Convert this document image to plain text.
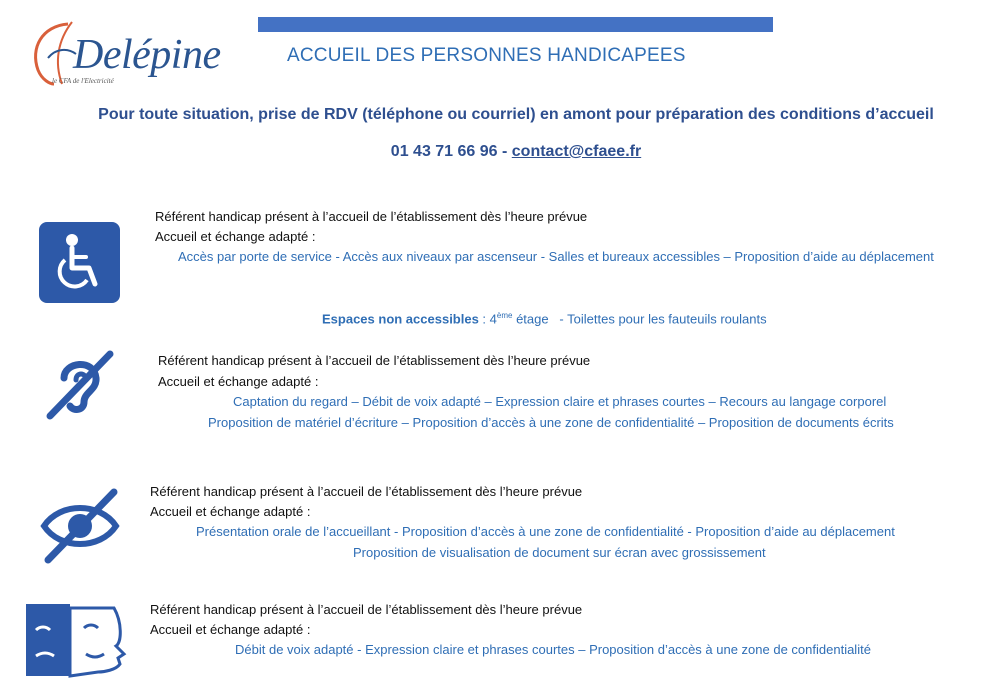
Delépine
le CFA de l'Electricité
ACCUEIL DES PERSONNES HANDICAPEES
Pour toute situation, prise de RDV (téléphone ou courriel) en amont pour préparation des conditions d’accueil
01 43 71 66 96 - contact@cfaee.fr
Référent handicap présent à l’accueil de l’établissement dès l’heure prévue
Accueil et échange adapté :
Accès par porte de service - Accès aux niveaux par ascenseur - Salles et bureaux accessibles – Proposition d’aide au déplacement
Espaces non accessibles : 4ème étage   - Toilettes pour les fauteuils roulants
Référent handicap présent à l’accueil de l’établissement dès l’heure prévue
Accueil et échange adapté :
Captation du regard – Débit de voix adapté – Expression claire et phrases courtes – Recours au langage corporel
Proposition de matériel d’écriture – Proposition d’accès à une zone de confidentialité – Proposition de documents écrits
Référent handicap présent à l’accueil de l’établissement dès l’heure prévue
Accueil et échange adapté :
Présentation orale de l’accueillant - Proposition d’accès à une zone de confidentialité - Proposition d’aide au déplacement
Proposition de visualisation de document sur écran avec grossissement
Référent handicap présent à l’accueil de l’établissement dès l’heure prévue
Accueil et échange adapté :
Débit de voix adapté - Expression claire et phrases courtes – Proposition d’accès à une zone de confidentialité
